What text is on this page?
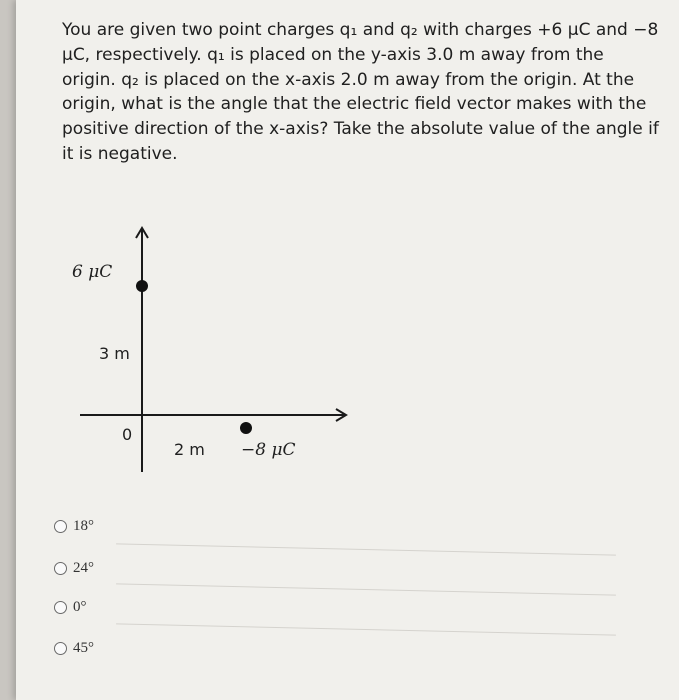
You are given two point charges q₁ and q₂ with charges +6 μC and −8 μC, respectively. q₁ is placed on the y-axis 3.0 m away from the origin. q₂ is placed on the x-axis 2.0 m away from the origin. At the origin, what is the angle that the electric field vector makes with the positive direction of the x-axis? Take the absolute value of the angle if it is negative.
6 μC
3 m
0
2 m −8 μC
18°
24°
0°
45°
